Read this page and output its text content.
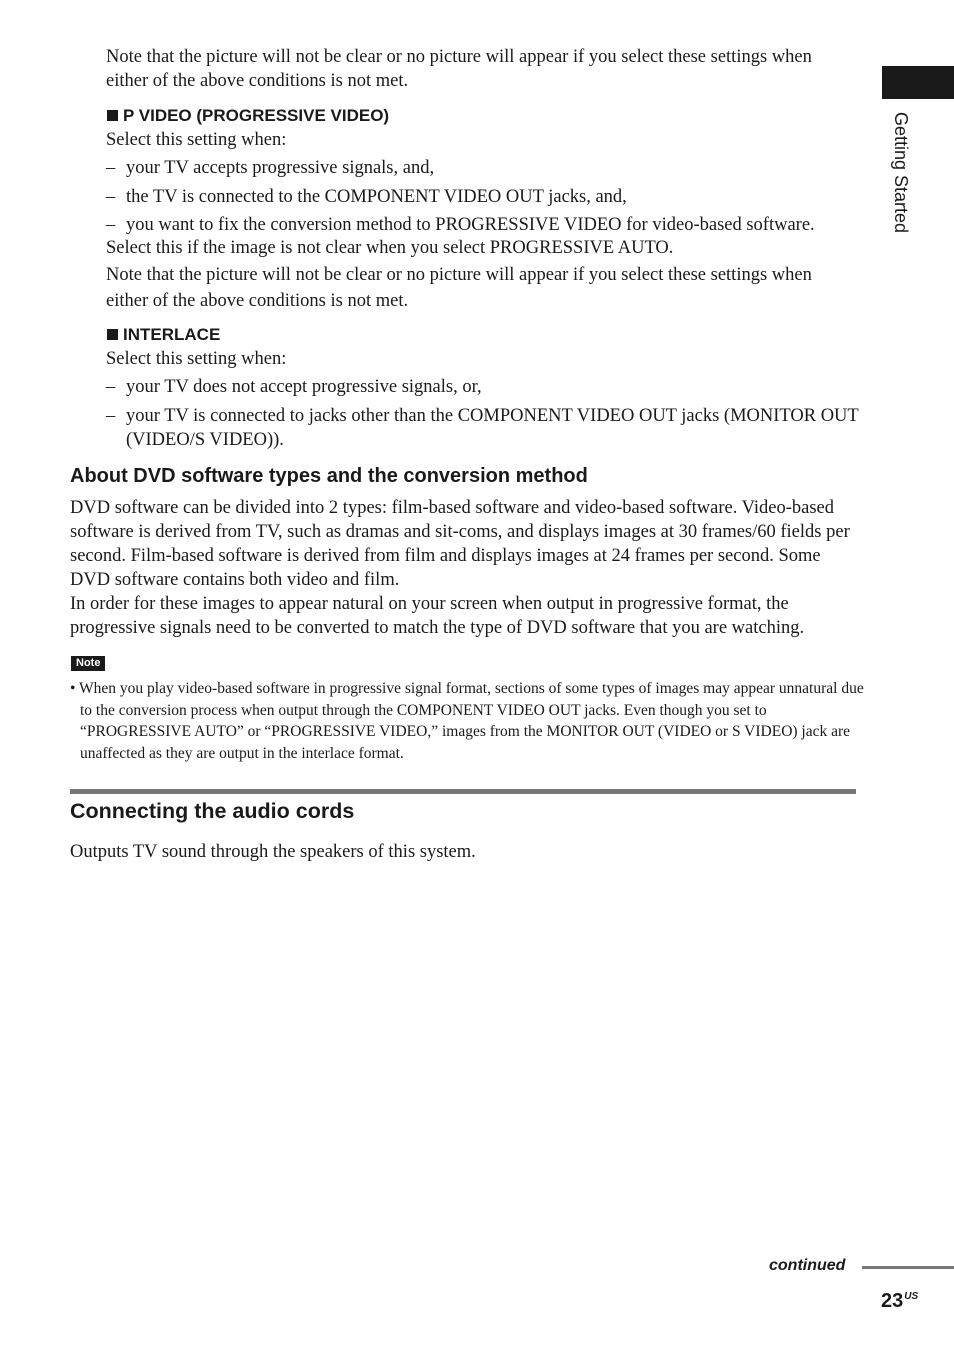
Note that the picture will not be clear or no picture will appear if you select these settings when either of the above conditions is not met.
P VIDEO (PROGRESSIVE VIDEO)
Select this setting when:
– your TV accepts progressive signals, and,
– the TV is connected to the COMPONENT VIDEO OUT jacks, and,
– you want to fix the conversion method to PROGRESSIVE VIDEO for video-based software.
Select this if the image is not clear when you select PROGRESSIVE AUTO.
Note that the picture will not be clear or no picture will appear if you select these settings when either of the above conditions is not met.
INTERLACE
Select this setting when:
– your TV does not accept progressive signals, or,
– your TV is connected to jacks other than the COMPONENT VIDEO OUT jacks (MONITOR OUT (VIDEO/S VIDEO)).
About DVD software types and the conversion method
DVD software can be divided into 2 types: film-based software and video-based software. Video-based software is derived from TV, such as dramas and sit-coms, and displays images at 30 frames/60 fields per second. Film-based software is derived from film and displays images at 24 frames per second. Some DVD software contains both video and film.
In order for these images to appear natural on your screen when output in progressive format, the progressive signals need to be converted to match the type of DVD software that you are watching.
Note
• When you play video-based software in progressive signal format, sections of some types of images may appear unnatural due to the conversion process when output through the COMPONENT VIDEO OUT jacks. Even though you set to “PROGRESSIVE AUTO” or “PROGRESSIVE VIDEO,” images from the MONITOR OUT (VIDEO or S VIDEO) jack are unaffected as they are output in the interlace format.
Connecting the audio cords
Outputs TV sound through the speakers of this system.
Getting Started
continued
$23^{US}$
